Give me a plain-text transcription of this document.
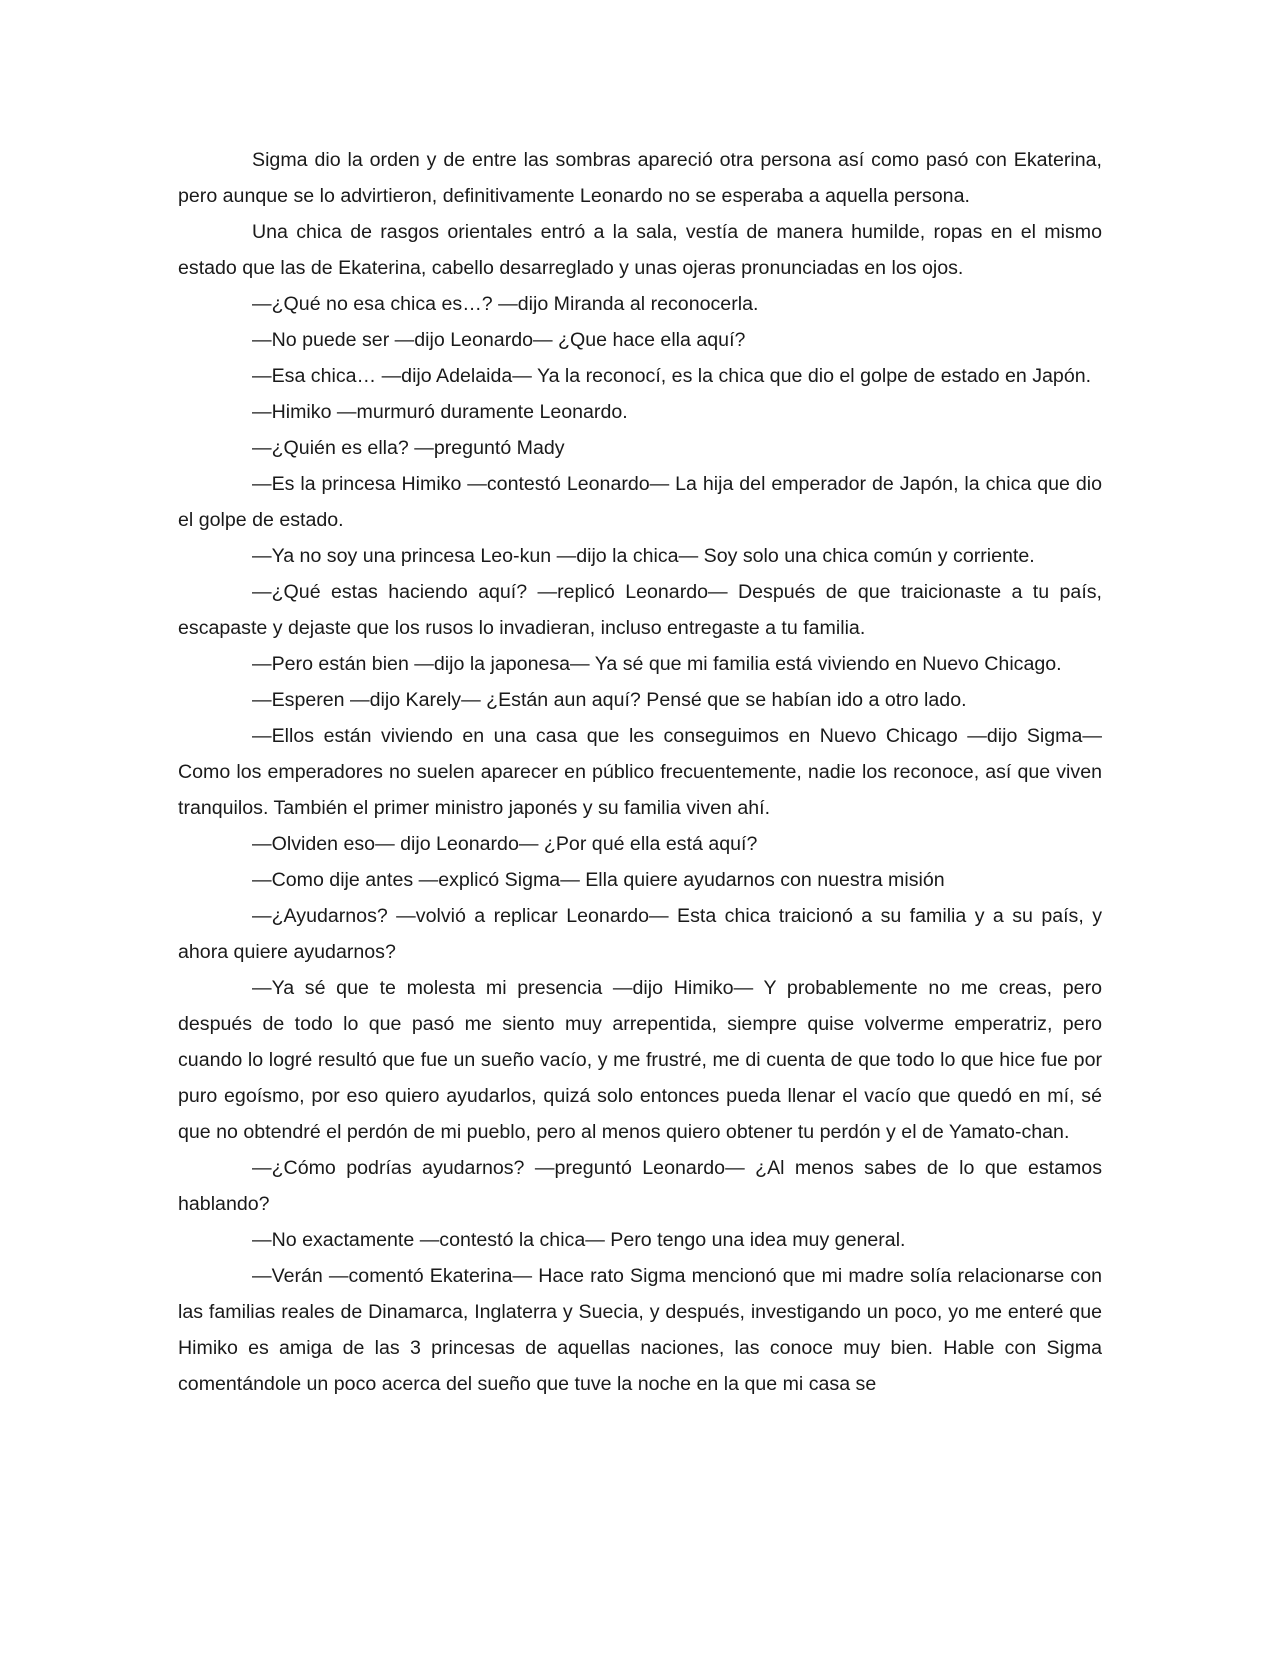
Sigma dio la orden y de entre las sombras apareció otra persona así como pasó con Ekaterina, pero aunque se lo advirtieron, definitivamente Leonardo no se esperaba a aquella persona.

Una chica de rasgos orientales entró a la sala, vestía de manera humilde, ropas en el mismo estado que las de Ekaterina, cabello desarreglado y unas ojeras pronunciadas en los ojos.

—¿Qué no esa chica es…? —dijo Miranda al reconocerla.

—No puede ser —dijo Leonardo— ¿Que hace ella aquí?

—Esa chica… —dijo Adelaida— Ya la reconocí, es la chica que dio el golpe de estado en Japón.

—Himiko —murmuró duramente Leonardo.

—¿Quién es ella? —preguntó Mady

—Es la princesa Himiko —contestó Leonardo— La hija del emperador de Japón, la chica que dio el golpe de estado.

—Ya no soy una princesa Leo-kun —dijo la chica— Soy solo una chica común y corriente.

—¿Qué estas haciendo aquí? —replicó Leonardo— Después de que traicionaste a tu país, escapaste y dejaste que los rusos lo invadieran, incluso entregaste a tu familia.

—Pero están bien —dijo la japonesa— Ya sé que mi familia está viviendo en Nuevo Chicago.

—Esperen —dijo Karely— ¿Están aun aquí? Pensé que se habían ido a otro lado.

—Ellos están viviendo en una casa que les conseguimos en Nuevo Chicago —dijo Sigma— Como los emperadores no suelen aparecer en público frecuentemente, nadie los reconoce, así que viven tranquilos. También el primer ministro japonés y su familia viven ahí.

—Olviden eso— dijo Leonardo— ¿Por qué ella está aquí?

—Como dije antes —explicó Sigma— Ella quiere ayudarnos con nuestra misión

—¿Ayudarnos? —volvió a replicar Leonardo— Esta chica traicionó a su familia y a su país, y ahora quiere ayudarnos?

—Ya sé que te molesta mi presencia —dijo Himiko— Y probablemente no me creas, pero después de todo lo que pasó me siento muy arrepentida, siempre quise volverme emperatriz, pero cuando lo logré resultó que fue un sueño vacío, y me frustré, me di cuenta de que todo lo que hice fue por puro egoísmo, por eso quiero ayudarlos, quizá solo entonces pueda llenar el vacío que quedó en mí, sé que no obtendré el perdón de mi pueblo, pero al menos quiero obtener tu perdón y el de Yamato-chan.

—¿Cómo podrías ayudarnos? —preguntó Leonardo— ¿Al menos sabes de lo que estamos hablando?

—No exactamente —contestó la chica— Pero tengo una idea muy general.

—Verán —comentó Ekaterina— Hace rato Sigma mencionó que mi madre solía relacionarse con las familias reales de Dinamarca, Inglaterra y Suecia, y después, investigando un poco, yo me enteré que Himiko es amiga de las 3 princesas de aquellas naciones, las conoce muy bien. Hable con Sigma comentándole un poco acerca del sueño que tuve la noche en la que mi casa se
